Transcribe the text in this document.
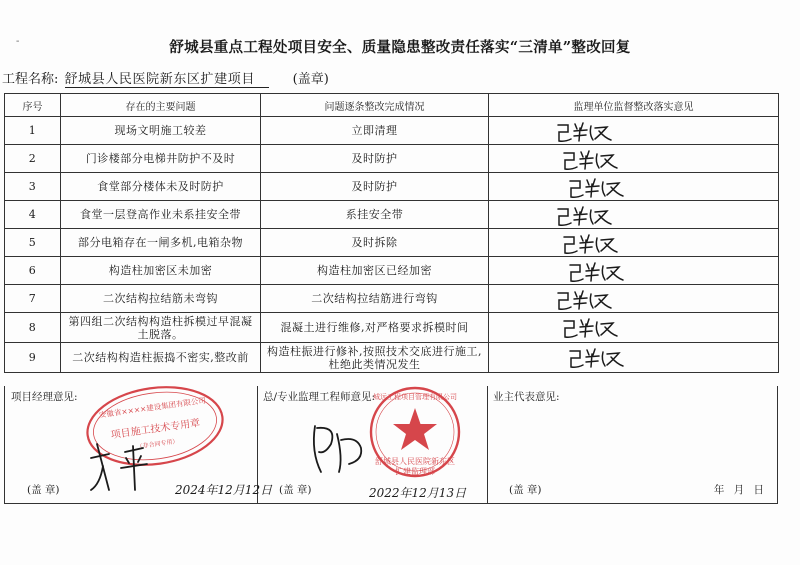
-	舒城县重点工程处项目安全、质量隐患整改责任落实“三清单”整改回复
工程名称: 舒城县人民医院新东区扩建项目	(盖章)
序号	存在的主要问题	问题逐条整改完成情况	监理单位监督整改落实意见
1	现场文明施工较差	立即清理	已整改

2	门诊楼部分电梯井防护不及时	及时防护	已整改

3	食堂部分楼体未及时防护	及时防护	已整改

4	食堂一层登高作业未系挂安全带	系挂安全带	已整改

5	部分电箱存在一闸多机,电箱杂物	及时拆除	已整改

6	构造柱加密区未加密	构造柱加密区已经加密	已整改

7	二次结构拉结筋未弯钩	二次结构拉结筋进行弯钩	已整改

8	第四组二次结构构造柱拆模过早混凝土脱落。	混凝土进行维修,对严格要求拆模时间	已整改

9	二次结构构造柱振捣不密实,整改前	构造柱振进行修补,按照技术交底进行施工,杜绝此类情况发生	已整改
项目经理意见:	安徽省××××建设集团有限公司
项目施工技术专用章
（非合同专用）
2024年12月12日
(盖 章)
总/专业监理工程师意见:
舒城县人民医院新东区
扩建监理部
城远工程项目管理有限公司
2022年12月13日
(盖 章)
业主代表意见:
(盖 章)	年 月 日
